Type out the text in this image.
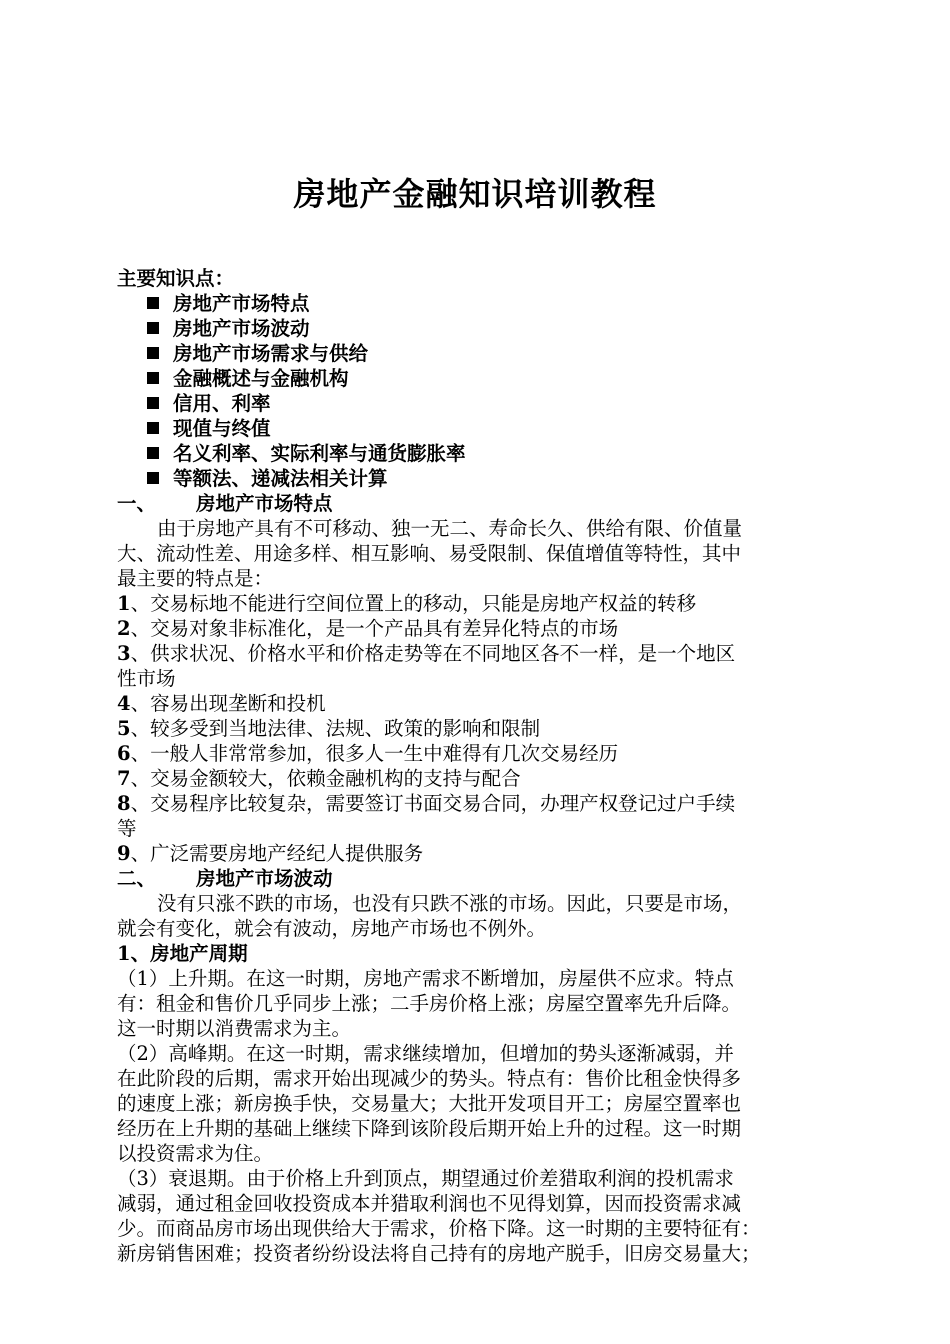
房地产金融知识培训教程
主要知识点：
房地产市场特点
房地产市场波动
房地产市场需求与供给
金融概述与金融机构
信用、利率
现值与终值
名义利率、实际利率与通货膨胀率
等额法、递减法相关计算
一、 房地产市场特点
由于房地产具有不可移动、独一无二、寿命长久、供给有限、价值量
大、流动性差、用途多样、相互影响、易受限制、保值增值等特性，其中
最主要的特点是：
1、交易标地不能进行空间位置上的移动，只能是房地产权益的转移
2、交易对象非标准化，是一个产品具有差异化特点的市场
3、供求状况、价格水平和价格走势等在不同地区各不一样，是一个地区
性市场
4、容易出现垄断和投机
5、较多受到当地法律、法规、政策的影响和限制
6、一般人非常常参加，很多人一生中难得有几次交易经历
7、交易金额较大，依赖金融机构的支持与配合
8、交易程序比较复杂，需要签订书面交易合同，办理产权登记过户手续
等
9、广泛需要房地产经纪人提供服务
二、 房地产市场波动
没有只涨不跌的市场，也没有只跌不涨的市场。因此，只要是市场，
就会有变化，就会有波动，房地产市场也不例外。
1、房地产周期
（1）上升期。在这一时期，房地产需求不断增加，房屋供不应求。特点
有：租金和售价几乎同步上涨；二手房价格上涨；房屋空置率先升后降。
这一时期以消费需求为主。
（2）高峰期。在这一时期，需求继续增加，但增加的势头逐渐减弱，并
在此阶段的后期，需求开始出现减少的势头。特点有：售价比租金快得多
的速度上涨；新房换手快，交易量大；大批开发项目开工；房屋空置率也
经历在上升期的基础上继续下降到该阶段后期开始上升的过程。这一时期
以投资需求为住。
（3）衰退期。由于价格上升到顶点，期望通过价差猎取利润的投机需求
减弱，通过租金回收投资成本并猎取利润也不见得划算，因而投资需求减
少。而商品房市场出现供给大于需求，价格下降。这一时期的主要特征有：
新房销售困难；投资者纷纷设法将自己持有的房地产脱手，旧房交易量大；
